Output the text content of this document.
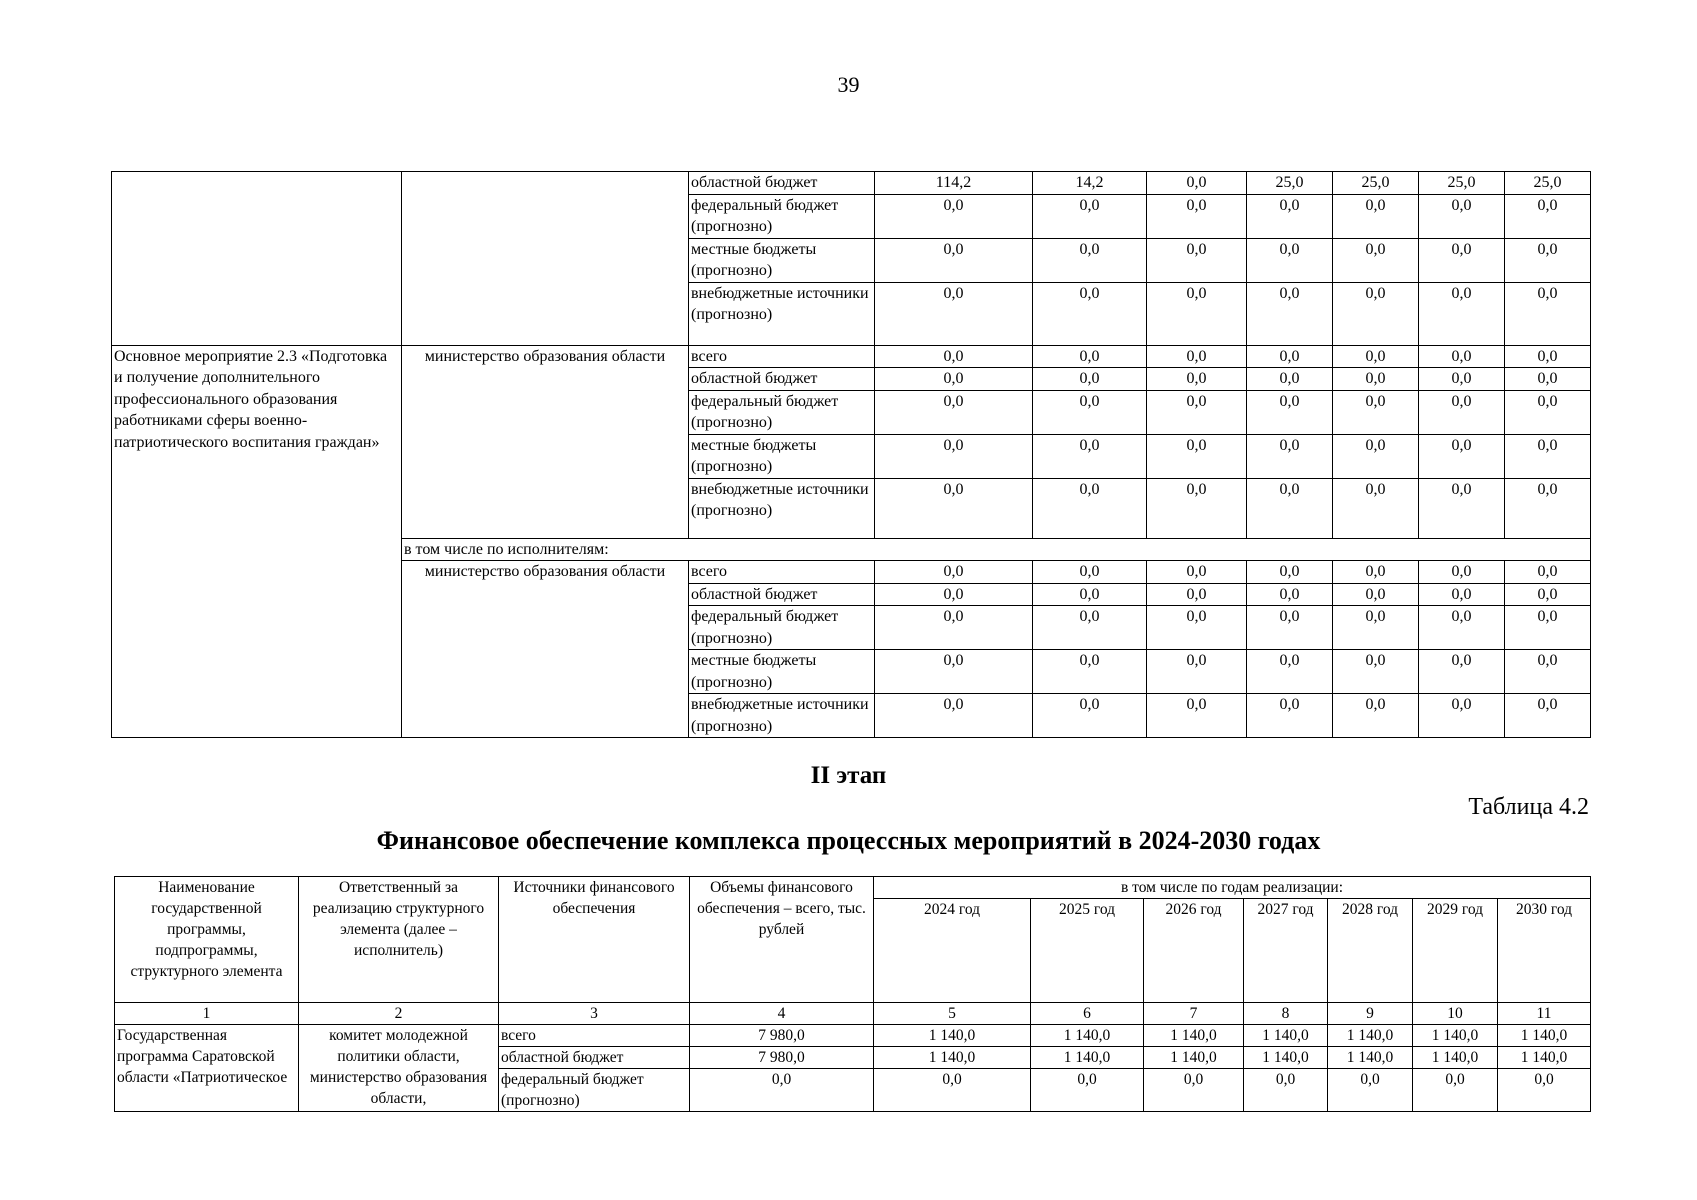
39
		областной бюджет	114,2	14,2	0,0	25,0	25,0	25,0	25,0
		федеральный бюджет (прогнозно)	0,0	0,0	0,0	0,0	0,0	0,0	0,0
		местные бюджеты (прогнозно)	0,0	0,0	0,0	0,0	0,0	0,0	0,0
		внебюджетные источники (прогнозно)	0,0	0,0	0,0	0,0	0,0	0,0	0,0
Основное мероприятие 2.3 «Подготовка и получение дополнительного профессионального образования работниками сферы военно-патриотического воспитания граждан»	министерство образования области	всего	0,0	0,0	0,0	0,0	0,0	0,0	0,0
		областной бюджет	0,0	0,0	0,0	0,0	0,0	0,0	0,0
		федеральный бюджет (прогнозно)	0,0	0,0	0,0	0,0	0,0	0,0	0,0
		местные бюджеты (прогнозно)	0,0	0,0	0,0	0,0	0,0	0,0	0,0
		внебюджетные источники (прогнозно)	0,0	0,0	0,0	0,0	0,0	0,0	0,0
	в том числе по исполнителям:								
	министерство образования области	всего	0,0	0,0	0,0	0,0	0,0	0,0	0,0
		областной бюджет	0,0	0,0	0,0	0,0	0,0	0,0	0,0
		федеральный бюджет (прогнозно)	0,0	0,0	0,0	0,0	0,0	0,0	0,0
		местные бюджеты (прогнозно)	0,0	0,0	0,0	0,0	0,0	0,0	0,0
		внебюджетные источники (прогнозно)	0,0	0,0	0,0	0,0	0,0	0,0	0,0
II этап
Таблица 4.2
Финансовое обеспечение комплекса процессных мероприятий в 2024-2030 годах
Наименование государственной программы, подпрограммы, структурного элемента	Ответственный за реализацию структурного элемента (далее – исполнитель)	Источники финансового обеспечения	Объемы финансового обеспечения – всего, тыс. рублей	в том числе по годам реализации:						
				2024 год	2025 год	2026 год	2027 год	2028 год	2029 год	2030 год
1	2	3	4	5	6	7	8	9	10	11
Государственная программа Саратовской области «Патриотическое	комитет молодежной политики области, министерство образования области,	всего	7 980,0	1 140,0	1 140,0	1 140,0	1 140,0	1 140,0	1 140,0	1 140,0
		областной бюджет	7 980,0	1 140,0	1 140,0	1 140,0	1 140,0	1 140,0	1 140,0	1 140,0
		федеральный бюджет (прогнозно)	0,0	0,0	0,0	0,0	0,0	0,0	0,0	0,0
